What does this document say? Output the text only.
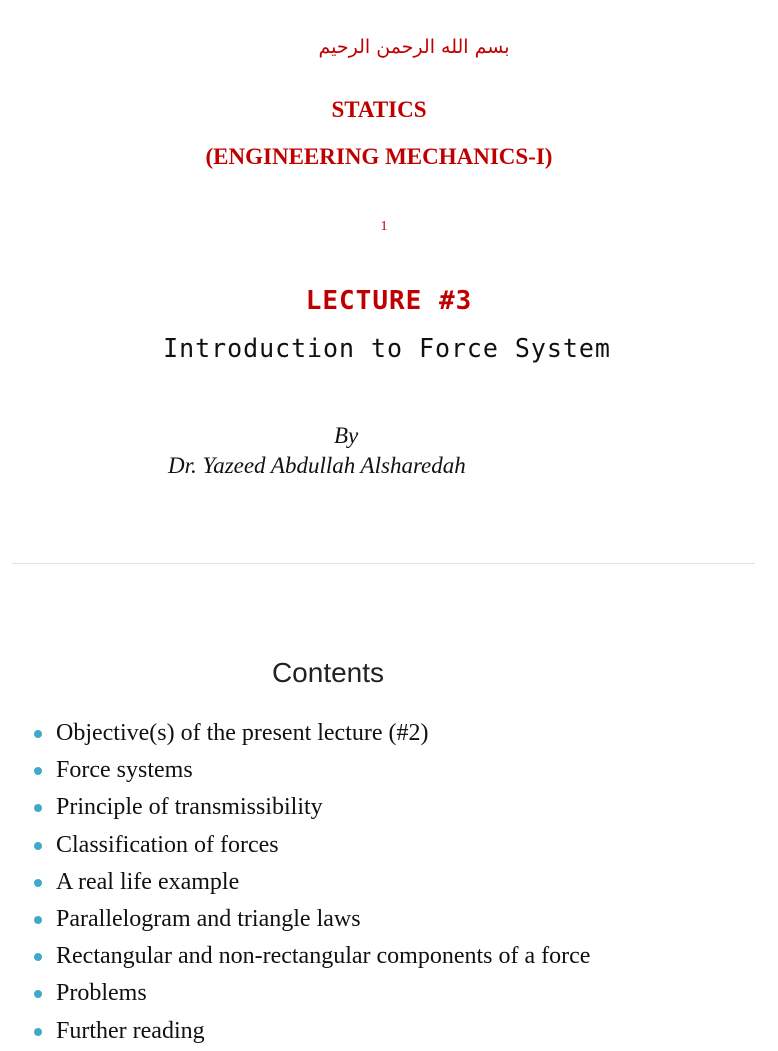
بسم الله الرحمن الرحيم
STATICS
(ENGINEERING MECHANICS-I)
1
LECTURE #3
Introduction to Force System
By
Dr. Yazeed Abdullah Alsharedah
Contents
Objective(s) of the present lecture (#2)
Force systems
Principle of transmissibility
Classification of forces
A real life example
Parallelogram and triangle laws
Rectangular and non-rectangular components of a force
Problems
Further reading
